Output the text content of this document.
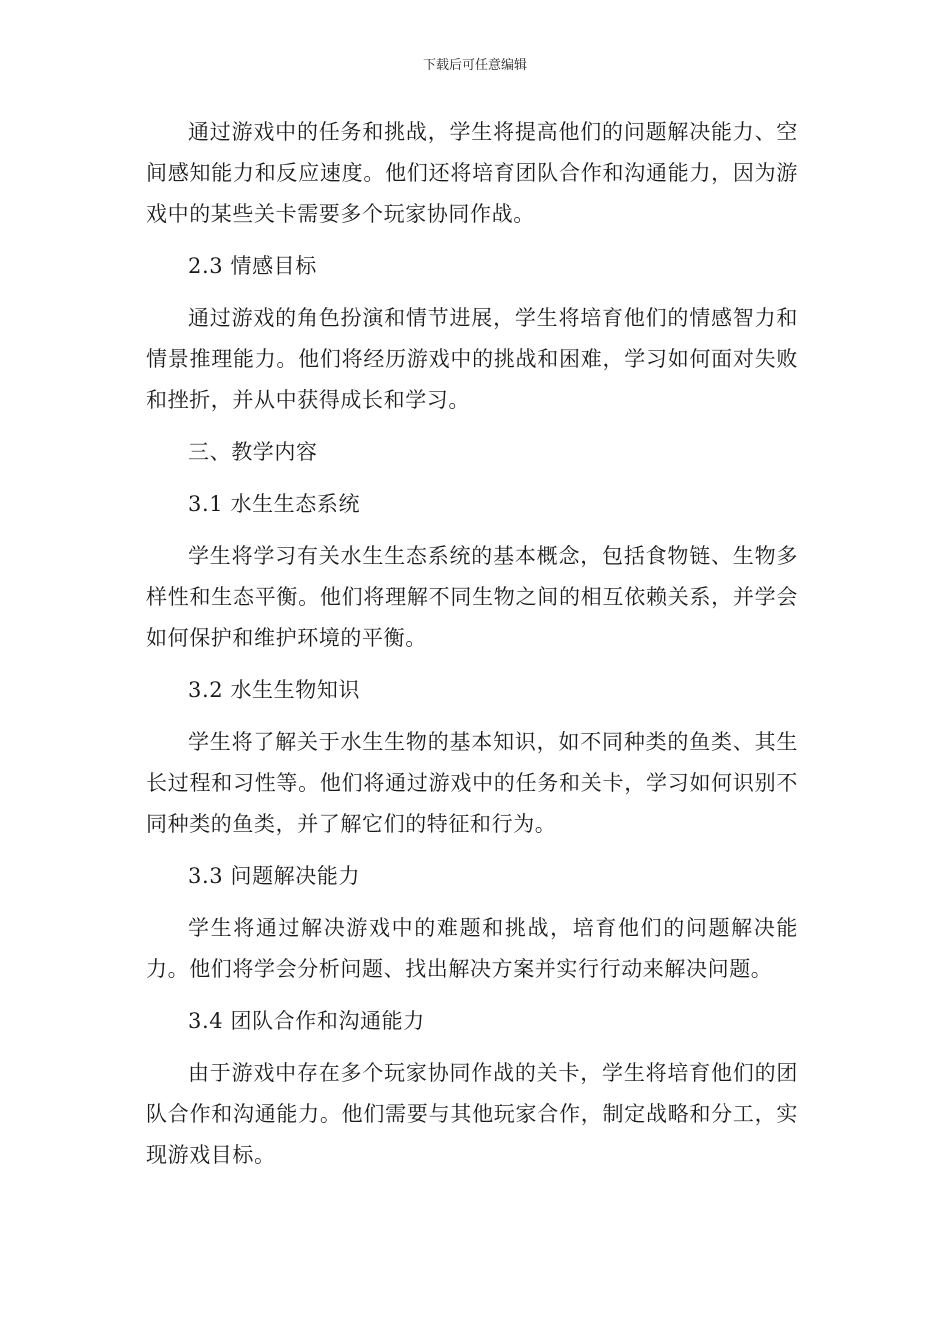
下载后可任意编辑

通过游戏中的任务和挑战，学生将提高他们的问题解决能力、空间感知能力和反应速度。他们还将培育团队合作和沟通能力，因为游戏中的某些关卡需要多个玩家协同作战。

2.3 情感目标

通过游戏的角色扮演和情节进展，学生将培育他们的情感智力和情景推理能力。他们将经历游戏中的挑战和困难，学习如何面对失败和挫折，并从中获得成长和学习。

三、教学内容

3.1 水生生态系统

学生将学习有关水生生态系统的基本概念，包括食物链、生物多样性和生态平衡。他们将理解不同生物之间的相互依赖关系，并学会如何保护和维护环境的平衡。

3.2 水生生物知识

学生将了解关于水生生物的基本知识，如不同种类的鱼类、其生长过程和习性等。他们将通过游戏中的任务和关卡，学习如何识别不同种类的鱼类，并了解它们的特征和行为。

3.3 问题解决能力

学生将通过解决游戏中的难题和挑战，培育他们的问题解决能力。他们将学会分析问题、找出解决方案并实行行动来解决问题。

3.4 团队合作和沟通能力

由于游戏中存在多个玩家协同作战的关卡，学生将培育他们的团队合作和沟通能力。他们需要与其他玩家合作，制定战略和分工，实现游戏目标。
